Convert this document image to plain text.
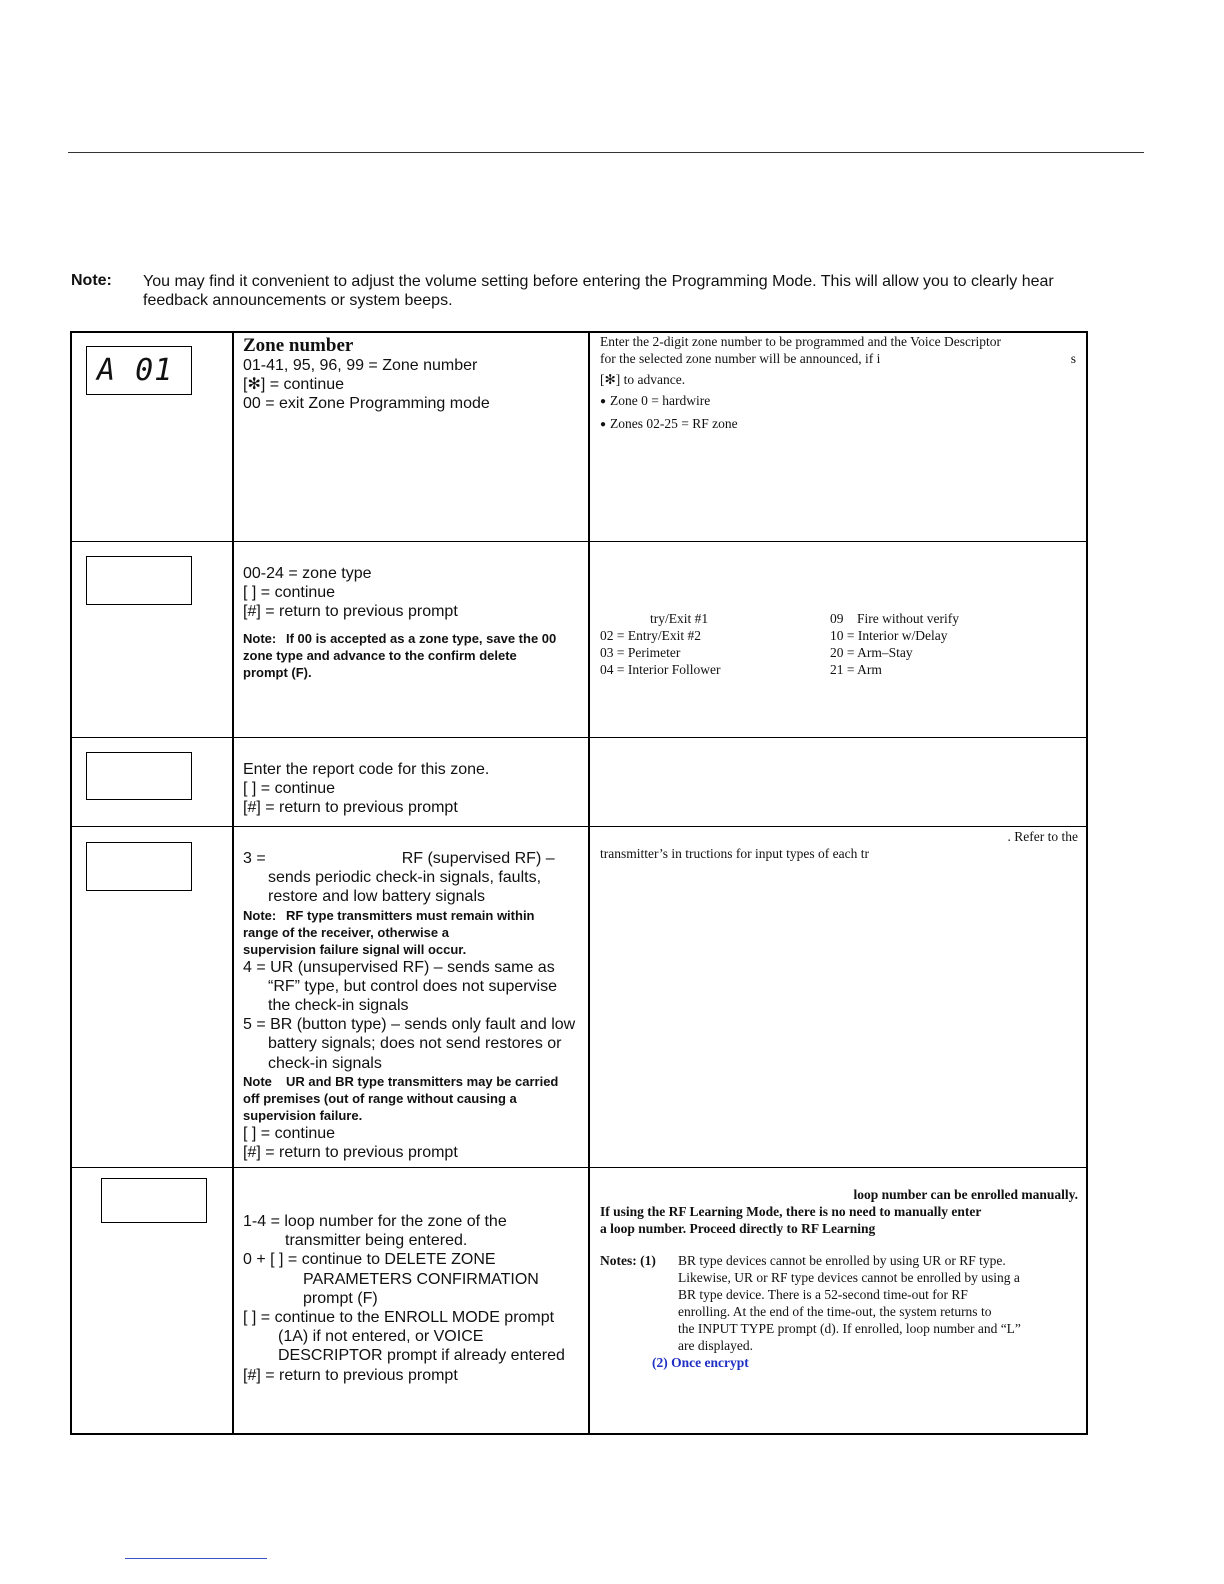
Note: You may find it convenient to adjust the volume setting before entering the Programming Mode. This will allow you to clearly hear feedback announcements or system beeps.
A 01

Zone number

01-41, 95, 96, 99 = Zone number

[✻] = continue

00 = exit Zone Programming mode

Enter the 2-digit zone number to be programmed and the Voice Descriptor

for the selected zone number will be announced, if i	s

[✻] to advance.

● Zone 0 = hardwire

● Zones 02-25 = RF zone

00-24 = zone type

[ ] = continue

[#] = return to previous prompt

Note: If 00 is accepted as a zone type, save the 00

zone type and advance to the confirm delete

prompt (F).

try/Exit #1

02 = Entry/Exit #2

03 = Perimeter

04 = Interior Follower

09    Fire without verify

10 = Interior w/Delay

20 = Arm–Stay

21 = Arm

Enter the report code for this zone.

[ ] = continue

[#] = return to previous prompt

3 =	RF (supervised RF) –

sends periodic check-in signals, faults,

restore and low battery signals

Note: RF type transmitters must remain within

range of the receiver, otherwise a

supervision failure signal will occur.

4 = UR (unsupervised RF) – sends same as

“RF” type, but control does not supervise

the check-in signals

5 = BR (button type) – sends only fault and low

battery signals; does not send restores or

check-in signals

Note UR and BR type transmitters may be carried

off premises (out of range without causing a

supervision failure.

[ ] = continue

[#] = return to previous prompt

. Refer to the

transmitter’s in tructions for input types of each tr

1-4 = loop number for the zone of the

transmitter being entered.

0 + [ ] = continue to DELETE ZONE

PARAMETERS CONFIRMATION

prompt (F)

[ ] = continue to the ENROLL MODE prompt

(1A) if not entered, or VOICE

DESCRIPTOR prompt if already entered

[#] = return to previous prompt

loop number can be enrolled manually.

If using the RF Learning Mode, there is no need to manually enter

a loop number. Proceed directly to RF Learning

Notes: (1) BR type devices cannot be enrolled by using UR or RF type.

Likewise, UR or RF type devices cannot be enrolled by using a

BR type device. There is a 52-second time-out for RF

enrolling. At the end of the time-out, the system returns to

the INPUT TYPE prompt (d). If enrolled, loop number and “L”

are displayed.

(2) Once encrypt
